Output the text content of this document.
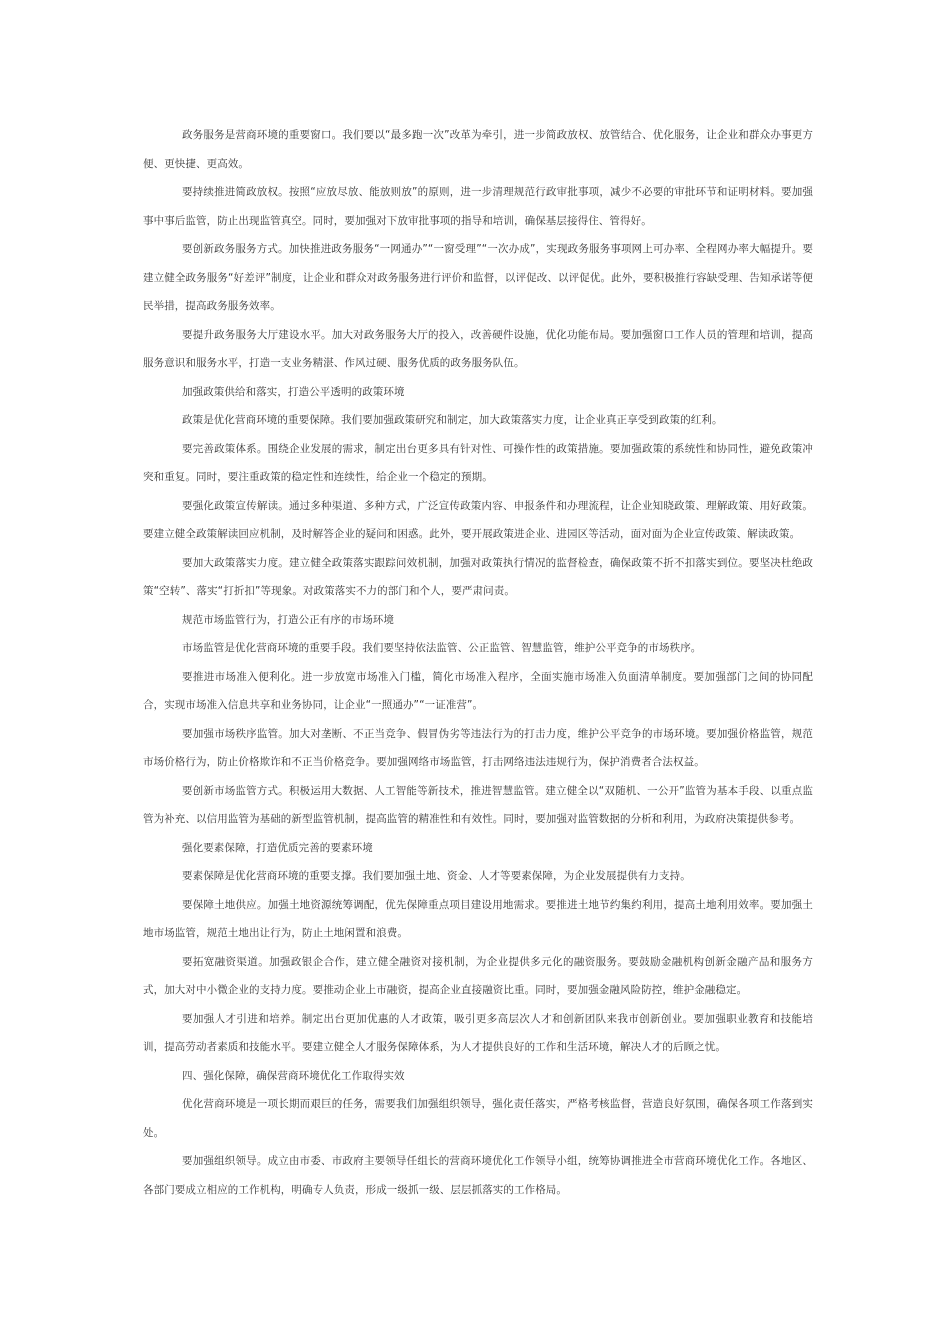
政务服务是营商环境的重要窗口。我们要以“最多跑一次”改革为牵引，进一步简政放权、放管结合、优化服务，让企业和群众办事更方便、更快捷、更高效。

要持续推进简政放权。按照“应放尽放、能放则放”的原则，进一步清理规范行政审批事项，减少不必要的审批环节和证明材料。要加强事中事后监管，防止出现监管真空。同时，要加强对下放审批事项的指导和培训，确保基层接得住、管得好。

要创新政务服务方式。加快推进政务服务“一网通办”“一窗受理”“一次办成”，实现政务服务事项网上可办率、全程网办率大幅提升。要建立健全政务服务“好差评”制度，让企业和群众对政务服务进行评价和监督，以评促改、以评促优。此外，要积极推行容缺受理、告知承诺等便民举措，提高政务服务效率。

要提升政务服务大厅建设水平。加大对政务服务大厅的投入，改善硬件设施，优化功能布局。要加强窗口工作人员的管理和培训，提高服务意识和服务水平，打造一支业务精湛、作风过硬、服务优质的政务服务队伍。

加强政策供给和落实，打造公平透明的政策环境

政策是优化营商环境的重要保障。我们要加强政策研究和制定，加大政策落实力度，让企业真正享受到政策的红利。

要完善政策体系。围绕企业发展的需求，制定出台更多具有针对性、可操作性的政策措施。要加强政策的系统性和协同性，避免政策冲突和重复。同时，要注重政策的稳定性和连续性，给企业一个稳定的预期。

要强化政策宣传解读。通过多种渠道、多种方式，广泛宣传政策内容、申报条件和办理流程，让企业知晓政策、理解政策、用好政策。要建立健全政策解读回应机制，及时解答企业的疑问和困惑。此外，要开展政策进企业、进园区等活动，面对面为企业宣传政策、解读政策。

要加大政策落实力度。建立健全政策落实跟踪问效机制，加强对政策执行情况的监督检查，确保政策不折不扣落实到位。要坚决杜绝政策“空转”、落实“打折扣”等现象。对政策落实不力的部门和个人，要严肃问责。

规范市场监管行为，打造公正有序的市场环境

市场监管是优化营商环境的重要手段。我们要坚持依法监管、公正监管、智慧监管，维护公平竞争的市场秩序。

要推进市场准入便利化。进一步放宽市场准入门槛，简化市场准入程序，全面实施市场准入负面清单制度。要加强部门之间的协同配合，实现市场准入信息共享和业务协同，让企业“一照通办”“一证准营”。

要加强市场秩序监管。加大对垄断、不正当竞争、假冒伪劣等违法行为的打击力度，维护公平竞争的市场环境。要加强价格监管，规范市场价格行为，防止价格欺诈和不正当价格竞争。要加强网络市场监管，打击网络违法违规行为，保护消费者合法权益。

要创新市场监管方式。积极运用大数据、人工智能等新技术，推进智慧监管。建立健全以“双随机、一公开”监管为基本手段、以重点监管为补充、以信用监管为基础的新型监管机制，提高监管的精准性和有效性。同时，要加强对监管数据的分析和利用，为政府决策提供参考。

强化要素保障，打造优质完善的要素环境

要素保障是优化营商环境的重要支撑。我们要加强土地、资金、人才等要素保障，为企业发展提供有力支持。

要保障土地供应。加强土地资源统筹调配，优先保障重点项目建设用地需求。要推进土地节约集约利用，提高土地利用效率。要加强土地市场监管，规范土地出让行为，防止土地闲置和浪费。

要拓宽融资渠道。加强政银企合作，建立健全融资对接机制，为企业提供多元化的融资服务。要鼓励金融机构创新金融产品和服务方式，加大对中小微企业的支持力度。要推动企业上市融资，提高企业直接融资比重。同时，要加强金融风险防控，维护金融稳定。

要加强人才引进和培养。制定出台更加优惠的人才政策，吸引更多高层次人才和创新团队来我市创新创业。要加强职业教育和技能培训，提高劳动者素质和技能水平。要建立健全人才服务保障体系，为人才提供良好的工作和生活环境，解决人才的后顾之忧。

四、强化保障，确保营商环境优化工作取得实效

优化营商环境是一项长期而艰巨的任务，需要我们加强组织领导，强化责任落实，严格考核监督，营造良好氛围，确保各项工作落到实处。

要加强组织领导。成立由市委、市政府主要领导任组长的营商环境优化工作领导小组，统筹协调推进全市营商环境优化工作。各地区、各部门要成立相应的工作机构，明确专人负责，形成一级抓一级、层层抓落实的工作格局。
